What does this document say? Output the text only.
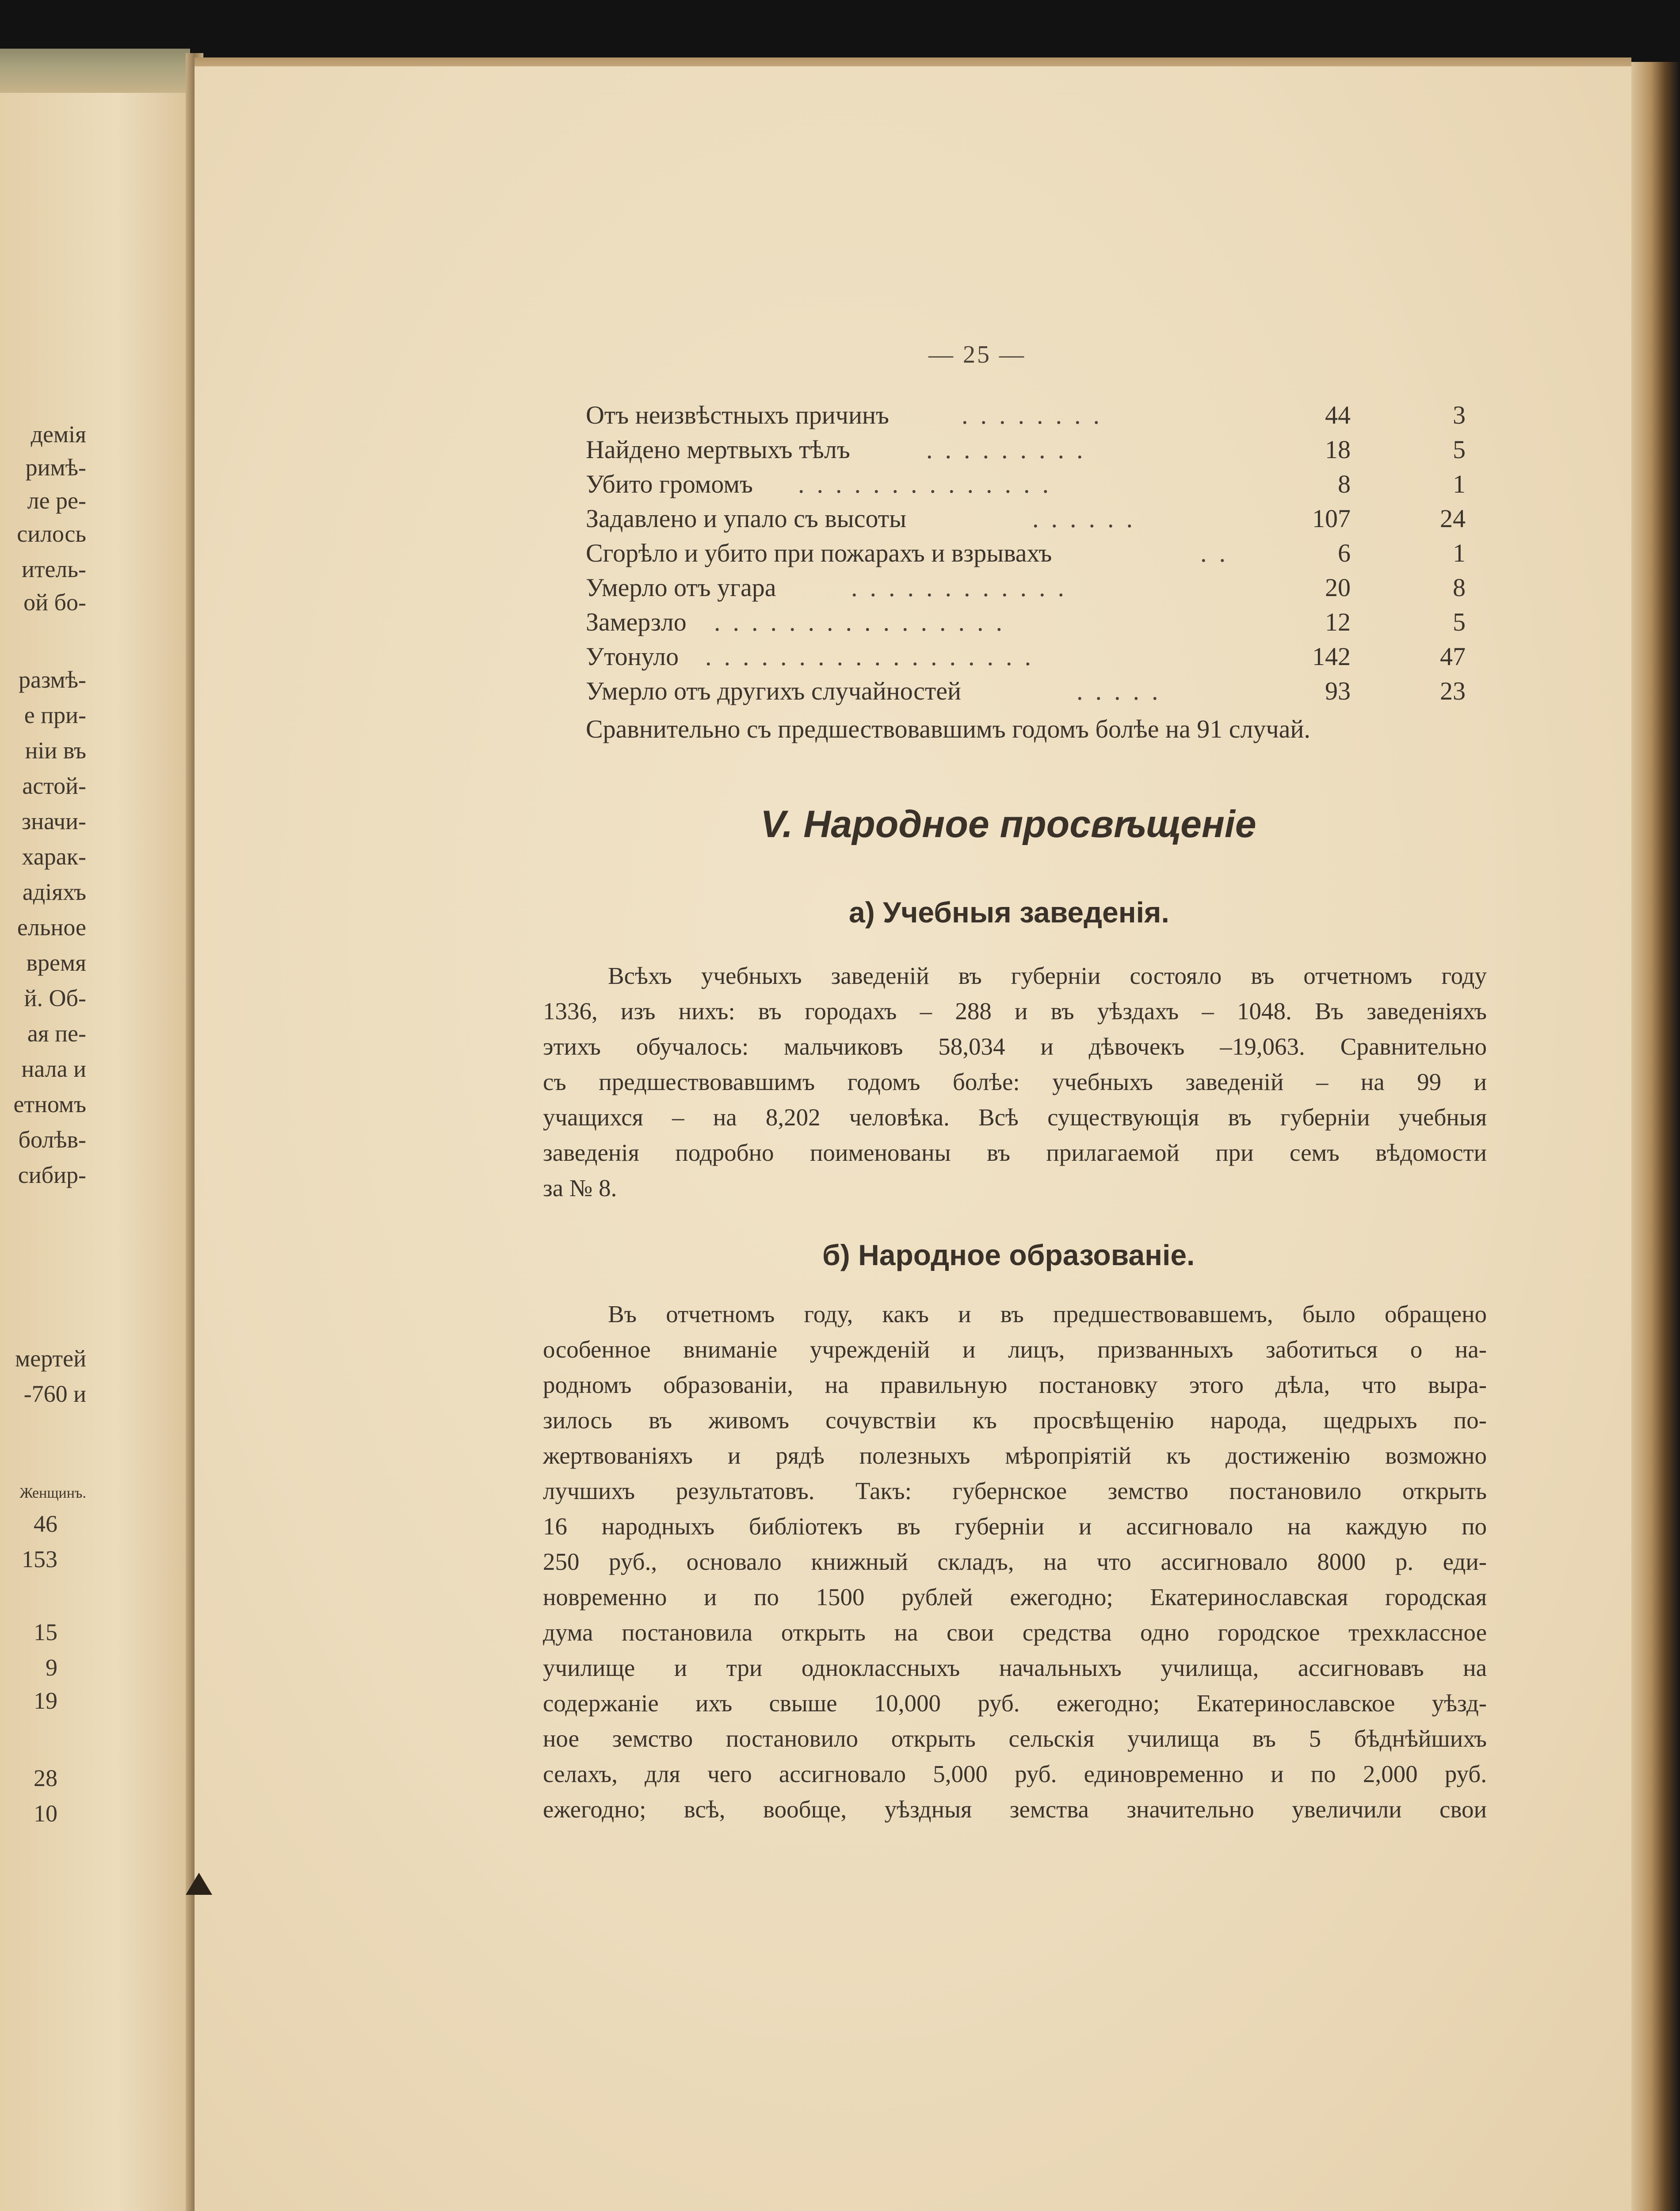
демія
римѣ-
ле ре-
силось
итель-
ой бо-
размѣ-
е при-
ніи въ
астой-
значи-
харак-
адіяхъ
ельное
время
й. Об-
ая пе-
нала и
етномъ
болѣв-
сибир-
мертей
-760 и
Женщинъ.
46
153
15
9
19
28
10
— 25 —
Отъ неизвѣстныхъ причинъ	........	44	3
Найдено мертвыхъ тѣлъ	.........	18	5
Убито громомъ ..............	8	1
Задавлено и упало съ высоты	......	107	24
Сгорѣло и убито при пожарахъ и взрывахъ	..	6	1
Умерло отъ угара	............	20	8
Замерзло ................	12	5
Утонуло ..................	142	47
Умерло отъ другихъ случайностей	.....	93	23
Сравнительно съ предшествовавшимъ годомъ болѣе на 91 случай.
V. Народное просвѣщеніе
а) Учебныя заведенія.
Всѣхъ учебныхъ заведеній въ губерніи состояло въ отчетномъ году
1336, изъ нихъ: въ городахъ – 288 и въ уѣздахъ – 1048. Въ заведеніяхъ
этихъ обучалось: мальчиковъ 58,034 и дѣвочекъ –19,063. Сравнительно
съ предшествовавшимъ годомъ болѣе: учебныхъ заведеній – на 99 и
учащихся – на 8,202 человѣка. Всѣ существующія въ губерніи учебныя
заведенія подробно поименованы въ прилагаемой при семъ вѣдомости
за № 8.
б) Народное образованіе.
Въ отчетномъ году, какъ и въ предшествовавшемъ, было обращено
особенное вниманіе учрежденій и лицъ, призванныхъ заботиться о на-
родномъ образованіи, на правильную постановку этого дѣла, что выра-
зилось въ живомъ сочувствіи къ просвѣщенію народа, щедрыхъ по-
жертвованіяхъ и рядѣ полезныхъ мѣропріятій къ достиженію возможно
лучшихъ результатовъ. Такъ: губернское земство постановило открыть
16 народныхъ библіотекъ въ губерніи и ассигновало на каждую по
250 руб., основало книжный складъ, на что ассигновало 8000 р. еди-
новременно и по 1500 рублей ежегодно; Екатеринославская городская
дума постановила открыть на свои средства одно городское трехклассное
училище и три одноклассныхъ начальныхъ училища, ассигновавъ на
содержаніе ихъ свыше 10,000 руб. ежегодно; Екатеринославское уѣзд-
ное земство постановило открыть сельскія училища въ 5 бѣднѣйшихъ
селахъ, для чего ассигновало 5,000 руб. единовременно и по 2,000 руб.
ежегодно; всѣ, вообще, уѣздныя земства значительно увеличили свои
